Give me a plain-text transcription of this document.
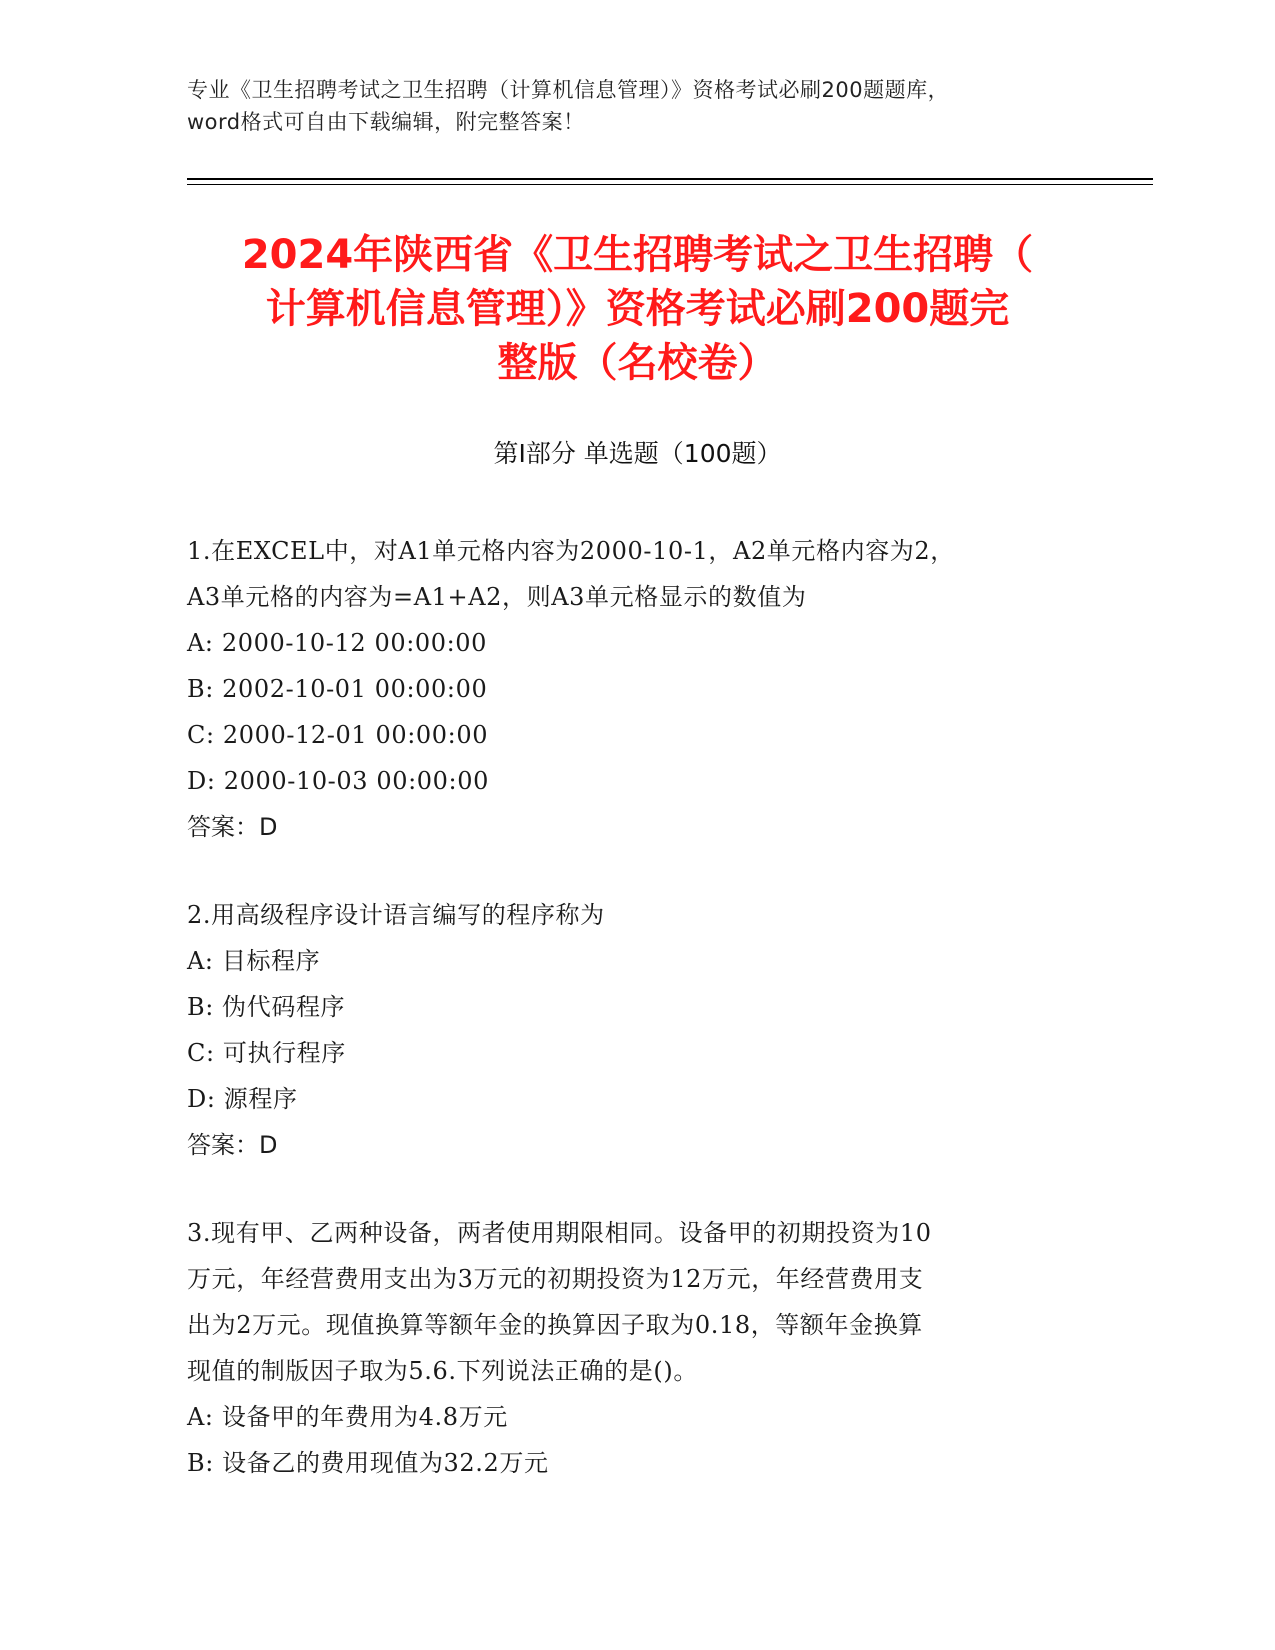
专业《卫生招聘考试之卫生招聘（计算机信息管理）》资格考试必刷200题题库，
word格式可自由下载编辑，附完整答案！
2024年陕西省《卫生招聘考试之卫生招聘（
计算机信息管理）》资格考试必刷200题完
整版（名校卷）
第Ⅰ部分 单选题（100题）
1.在EXCEL中，对A1单元格内容为2000-10-1，A2单元格内容为2，
A3单元格的内容为=A1+A2，则A3单元格显示的数值为
A: 2000-10-12 00:00:00
B: 2002-10-01 00:00:00
C: 2000-12-01 00:00:00
D: 2000-10-03 00:00:00
答案：D
2.用高级程序设计语言编写的程序称为
A: 目标程序
B: 伪代码程序
C: 可执行程序
D: 源程序
答案：D
3.现有甲、乙两种设备，两者使用期限相同。设备甲的初期投资为10
万元，年经营费用支出为3万元的初期投资为12万元，年经营费用支
出为2万元。现值换算等额年金的换算因子取为0.18，等额年金换算
现值的制版因子取为5.6.下列说法正确的是()。
A: 设备甲的年费用为4.8万元
B: 设备乙的费用现值为32.2万元
